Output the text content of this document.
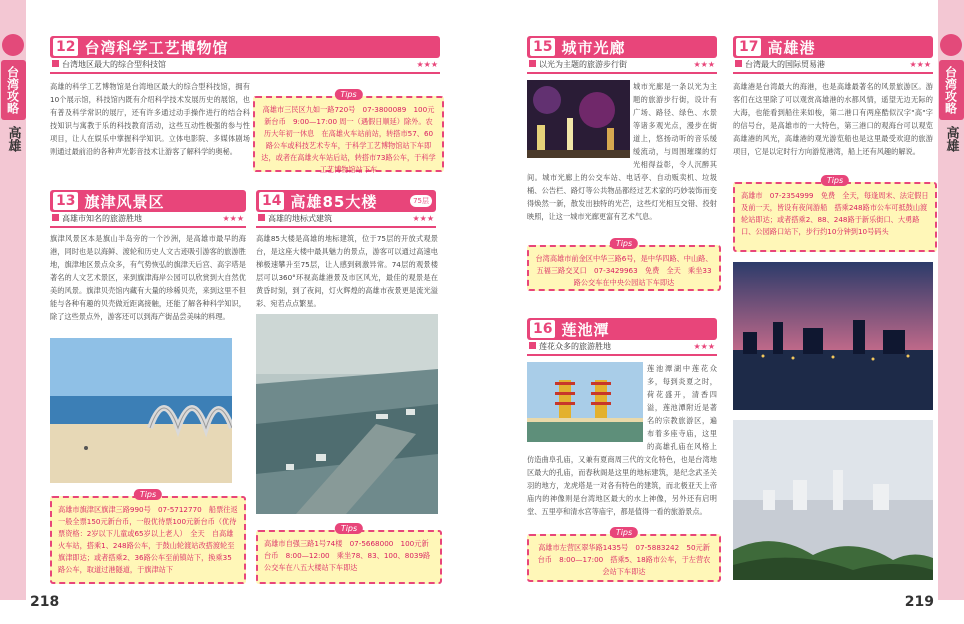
台湾攻略
高雄
台湾攻略
高雄
218	219
12 台湾科学工艺博物馆
台湾地区最大的综合型科技馆	★★★
高雄的科学工艺博物馆是台湾地区最大的综合型科技馆，拥有10个展示馆，科技馆内既有介绍科学技术发展历史的展馆，也有普及科学常识的展厅，还有许多通过动手操作进行的结合科技知识与寓教于乐的科技教育活动，这些互动性极强的参与性项目，让人在娱乐中掌握科学知识。立体电影院、多媒体剧场则通过最前沿的各种声光影音技术让游客了解科学的奥秘。
Tips
高雄市三民区九如一路720号　07-3800089　100元新台币　9:00—17:00 周一（遇假日顺延）除外。农历大年初一休息　在高雄火车站前站，转搭市57、60路公车或科技艺术专车，于科学工艺博物馆站下车即达，或者在高雄火车站后站，转搭市73路公车，于科学工艺博物馆站下车
13 旗津风景区
高雄市知名的旅游胜地	★★★
旗津风景区本是旗山半岛旁的一个沙洲，是高雄市最早的海港，同时也是以海鲜、渡轮和历史人文古迹吸引游客的旅游胜地，旗津地区景点众多，有气势恢弘的旗津天后宫、高字塔是著名的人文艺术景区，来到旗津海岸公园可以欣赏到大自然优美的风景。旗津贝壳馆内藏有大量的珍稀贝壳，来到这里不但能与各种有趣的贝壳做近距离接触，还能了解各种科学知识，除了这些景点外，游客还可以到海产街品尝美味的料理。
Tips
高雄市旗津区旗津三路990号　07-5712770　船票往返一般全票150元新台币，一般优待票100元新台币（优待票资格：2岁以下儿童或65岁以上老人）　全天　自高雄火车站，搭乘1、248路公车，于鼓山轮渡站改搭渡轮至旗津即达；或者搭乘2、36路公车至前镇站下，换乘35路公车，取道过港隧道，于旗津站下
14 高雄85大楼	75层
高雄的地标式建筑	★★★
高雄85大楼是高雄的地标建筑，位于75层的开放式观景台，是这座大楼中最具魅力的景点，游客可以通过高速电梯极速攀升至75层，让人感到刺激异常。74层的观景楼层可以360°环视高雄港景及市区风光，最佳的观景是在黄昏时刻，到了夜间，灯火辉煌的高雄市夜景更是流光溢彩、宛若点点繁星。
Tips
高雄市自强三路1号74楼　07-5668000　100元新台币　8:00—12:00　乘坐78、83、100、8039路公交车在八五大楼站下车即达
15 城市光廊
以光为主题的旅游步行街	★★★
城市光廊是一条以光为主题的旅游步行街，设计有广场、路径、绿色、水景等诸多观光点，漫步在街道上，悠扬动听的音乐缓缓流动，与周围璀璨的灯光相得益彰，令人沉醉其间。城市光廊上的公交车站、电话亭、自动贩卖机、垃圾桶、公告栏、路灯等公共物品都经过艺术家的巧妙装饰而变得焕然一新，散发出独特的光芒，这些灯光相互交错、投射映照，让这一城市光廊更富有艺术气息。
Tips
台湾高雄市前金区中华三路6号，是中华四路、中山路、五福三路交叉口　07-3429963　免费　全天　乘坐33路公交车在中央公园站下车即达
16 莲池潭
莲花众多的旅游胜地	★★★
莲池潭湖中莲花众多，每到炎夏之时，荷花盛开，清香四溢，莲池潭附近是著名的宗教旅游区，遍布着多座寺庙，这里的高雄孔庙在风格上仿造曲阜孔庙，又兼有夏商周三代的文化特色，也是台湾地区最大的孔庙，而春秋阁是这里的地标建筑，是纪念武圣关羽的地方，龙虎塔是一对各有特色的建筑，而北极亚天上帝庙内的神像则是台湾地区最大的水上神像，另外还有启明堂、五里亭和清水宫等庙宇，都是值得一看的旅游景点。
Tips
高雄市左营区翠华路1435号　07-5883242　50元新台币　8:00—17:00　搭乘5、18路市公车，于左营农会站下车即达
17 高雄港
台湾最大的国际贸易港	★★★
高雄港是台湾最大的海港，也是高雄最著名的风景旅游区。游客们在这里除了可以观赏高雄港的水都风情，遥望无边无际的大海，也能看到船往来如梭，第二港口有两座酷似汉字"高"字的信号台，是高雄市的一大特色，第三港口的观海台可以观览高雄港的风光，高雄港的观光游览船也是这里最受欢迎的旅游项目，它是以定时行方向游览港湾，船上还有风趣的解说。
Tips
高雄市　07-2354999　免费　全天，每逢周末、法定假日及前一天，皆设有夜间游船　搭乘248路市公车可抵鼓山渡轮站即达；或者搭乘2、88、248路于新乐街口、大勇路口、公园路口站下，步行约10分钟到10号码头
